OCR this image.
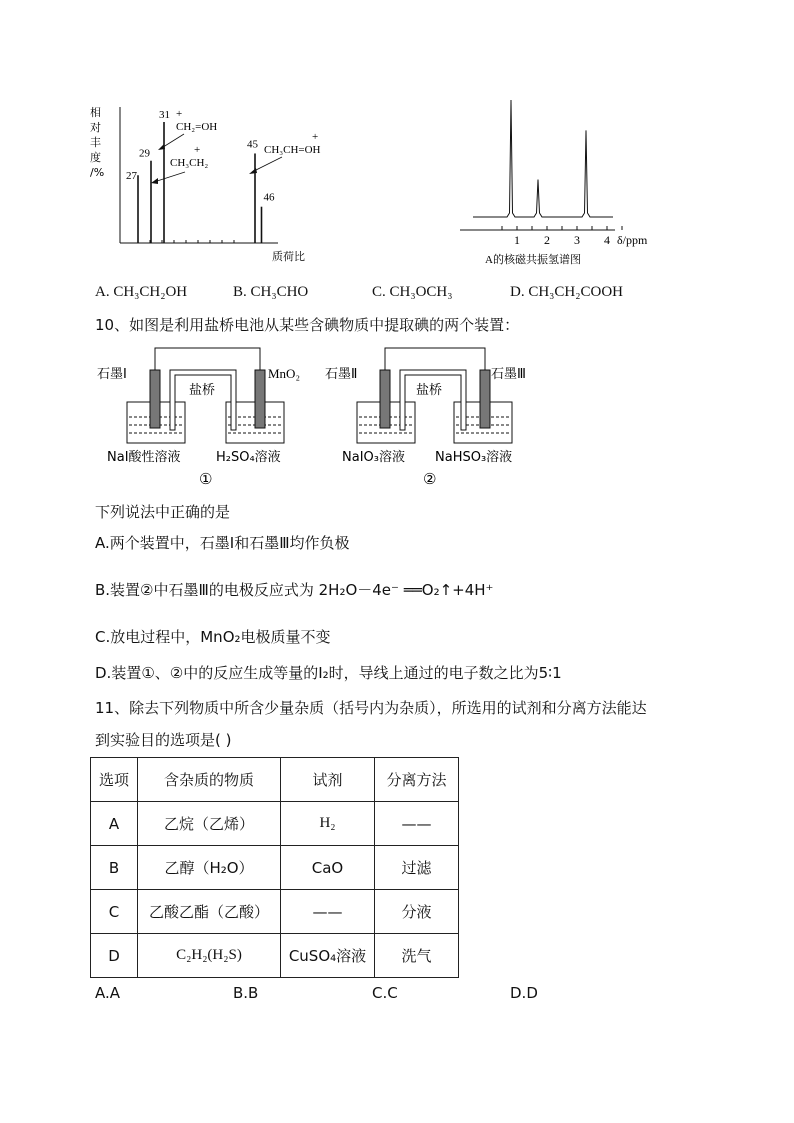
相
对
丰
度
/% 27
29
31
45
46
质荷比
+
CH₂=OH
+
CH₃CH₂
+
CH₃CH=OH
1 2 3 4 δ/ppm
A的核磁共振氢谱图
A. CH₃CH₂OH	B. CH₃CHO	C. CH₃OCH₃	D. CH₃CH₂COOH
10、如图是利用盐桥电池从某些含碘物质中提取碘的两个装置：
石墨Ⅰ	MnO₂
盐桥
NaI酸性溶液	H₂SO₄溶液
①
石墨Ⅱ	石墨Ⅲ
盐桥
NaIO₃溶液 NaHSO₃溶液
②
下列说法中正确的是
A.两个装置中，石墨Ⅰ和石墨Ⅲ均作负极
B.装置②中石墨Ⅲ的电极反应式为 2H₂O－4e⁻ ══O₂↑+4H⁺
C.放电过程中，MnO₂电极质量不变
D.装置①、②中的反应生成等量的I₂时，导线上通过的电子数之比为5∶1
11、除去下列物质中所含少量杂质（括号内为杂质），所选用的试剂和分离方法能达
到实验目的选项是( )
选项	含杂质的物质	试剂	分离方法
A	乙烷（乙烯）	H₂	——
B	乙醇（H₂O）	CaO	过滤
C	乙酸乙酯（乙酸）	——	分液
D	C₂H₂(H₂S)	CuSO₄溶液	洗气
A.A	B.B	C.C	D.D
